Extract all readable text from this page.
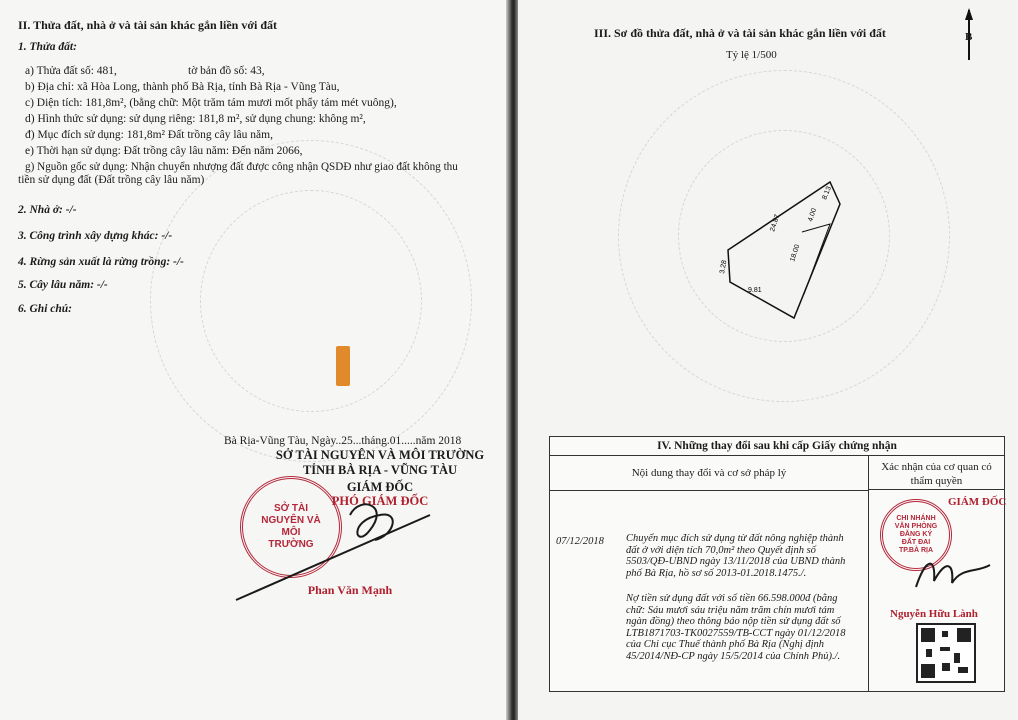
II. Thửa đất, nhà ở và tài sản khác gắn liền với đất
1. Thửa đất:
a) Thửa đất số: 481,	tờ bản đồ số: 43,
b) Địa chỉ: xã Hòa Long, thành phố Bà Rịa, tỉnh Bà Rịa - Vũng Tàu,
c) Diện tích: 181,8m², (bằng chữ: Một trăm tám mươi mốt phẩy tám mét vuông),
d) Hình thức sử dụng: sử dụng riêng: 181,8 m², sử dụng chung: không m²,
đ) Mục đích sử dụng: 181,8m² Đất trồng cây lâu năm,
e) Thời hạn sử dụng: Đất trồng cây lâu năm: Đến năm 2066,
g) Nguồn gốc sử dụng: Nhận chuyển nhượng đất được công nhận QSDĐ như giao đất không thu
tiền sử dụng đất (Đất trồng cây lâu năm)
2. Nhà ở: -/-
3. Công trình xây dựng khác: -/-
4. Rừng sản xuất là rừng trồng: -/-
5. Cây lâu năm: -/-
6. Ghi chú:
Bà Rịa-Vũng Tàu, Ngày..25...tháng.01.....năm 2018
SỞ TÀI NGUYÊN VÀ MÔI TRƯỜNG
TỈNH BÀ RỊA - VŨNG TÀU
GIÁM ĐỐC
PHÓ GIÁM ĐỐC
SỞ TÀI NGUYÊN VÀ MÔI TRƯỜNG
Phan Văn Mạnh
III. Sơ đồ thửa đất, nhà ở và tài sản khác gắn liền với đất
Tỷ lệ 1/500
B
8.13
24.87	4.00
18.00
9.81
3.28
IV. Những thay đổi sau khi cấp Giấy chứng nhận
Nội dung thay đổi và cơ sở pháp lý	Xác nhận của cơ quan có thẩm quyền
07/12/2018 Chuyển mục đích sử dụng từ đất nông nghiệp thành đất ở với diện tích 70,0m² theo Quyết định số 5503/QĐ-UBND ngày 13/11/2018 của UBND thành phố Bà Rịa, hồ sơ số 2013-01.2018.1475./.
Nợ tiền sử dụng đất với số tiền 66.598.000đ (bằng chữ: Sáu mươi sáu triệu năm trăm chín mươi tám ngàn đồng) theo thông báo nộp tiền sử dụng đất số LTB1871703-TK0027559/TB-CCT ngày 01/12/2018 của Chi cục Thuế thành phố Bà Rịa (Nghị định 45/2014/NĐ-CP ngày 15/5/2014 của Chính Phủ)./.
CHI NHÁNH VĂN PHÒNG ĐĂNG KÝ ĐẤT ĐAI TP.BÀ RỊA
GIÁM ĐỐC
Nguyễn Hữu Lành
